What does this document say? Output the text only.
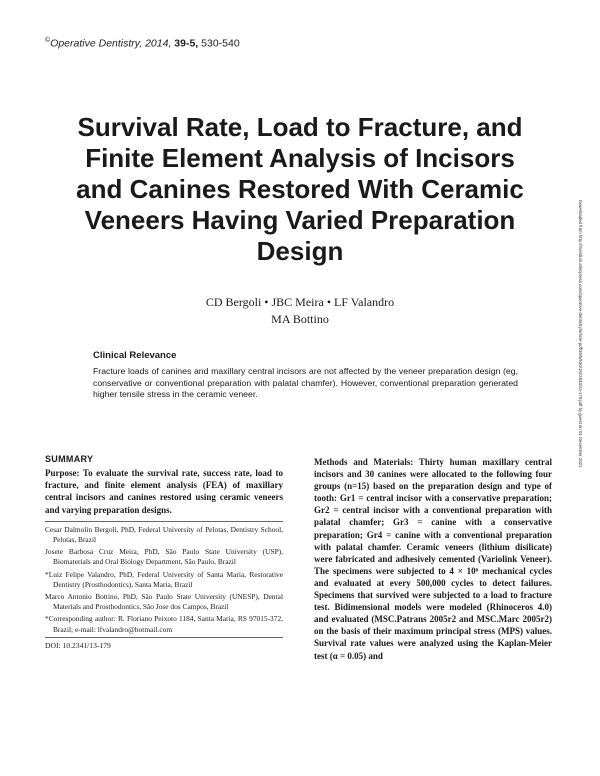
©Operative Dentistry, 2014, 39-5, 530-540
Survival Rate, Load to Fracture, and
Finite Element Analysis of Incisors
and Canines Restored With Ceramic
Veneers Having Varied Preparation
Design
CD Bergoli • JBC Meira • LF Valandro
MA Bottino
Clinical Relevance
Fracture loads of canines and maxillary central incisors are not affected by the veneer preparation design (eg, conservative or conventional preparation with palatal chamfer). However, conventional preparation generated higher tensile stress in the ceramic veneer.
SUMMARY

Purpose: To evaluate the survival rate, success rate, load to fracture, and finite element analysis (FEA) of maxillary central incisors and canines restored using ceramic veneers and varying preparation designs.

Cesar Dalmolin Bergoli, PhD, Federal University of Pelotas, Dentistry School, Pelotas, Brazil

Josete Barbosa Cruz Meira, PhD, São Paulo State University (USP), Biomaterials and Oral Biology Department, São Paulo, Brazil

*Luiz Felipe Valandro, PhD, Federal University of Santa Maria, Restorative Dentistry (Prosthodontics), Santa Maria, Brazil

Marco Antonio Bottino, PhD, São Paulo State University (UNESP), Dental Materials and Prosthodontics, São Jose dos Campos, Brazil

*Corresponding author: R. Floriano Peixoto 1184, Santa Maria, RS 97015-372, Brazil; e-mail: lfvalandro@hotmail.com

DOI: 10.2341/13-179

Methods and Materials: Thirty human maxillary central incisors and 30 canines were allocated to the following four groups (n=15) based on the preparation design and type of tooth: Gr1 = central incisor with a conservative preparation; Gr2 = central incisor with a conventional preparation with palatal chamfer; Gr3 = canine with a conservative preparation; Gr4 = canine with a conventional preparation with palatal chamfer. Ceramic veneers (lithium disilicate) were fabricated and adhesively cemented (Variolink Veneer). The specimens were subjected to 4 × 10⁶ mechanical cycles and evaluated at every 500,000 cycles to detect failures. Specimens that survived were subjected to a load to fracture test. Bidimensional models were modeled (Rhinoceros 4.0) and evaluated (MSC.Patrans 2005r2 and MSC.Marc 2005r2) on the basis of their maximum principal stress (MPS) values. Survival rate values were analyzed using the Kaplan-Meier test (α = 0.05) and

Downloaded from http://meridian.allenpress.com/operative-dentistry/article-pdf/39/5/530/1822833/13-179.pdf by guest on 01 December 2021
